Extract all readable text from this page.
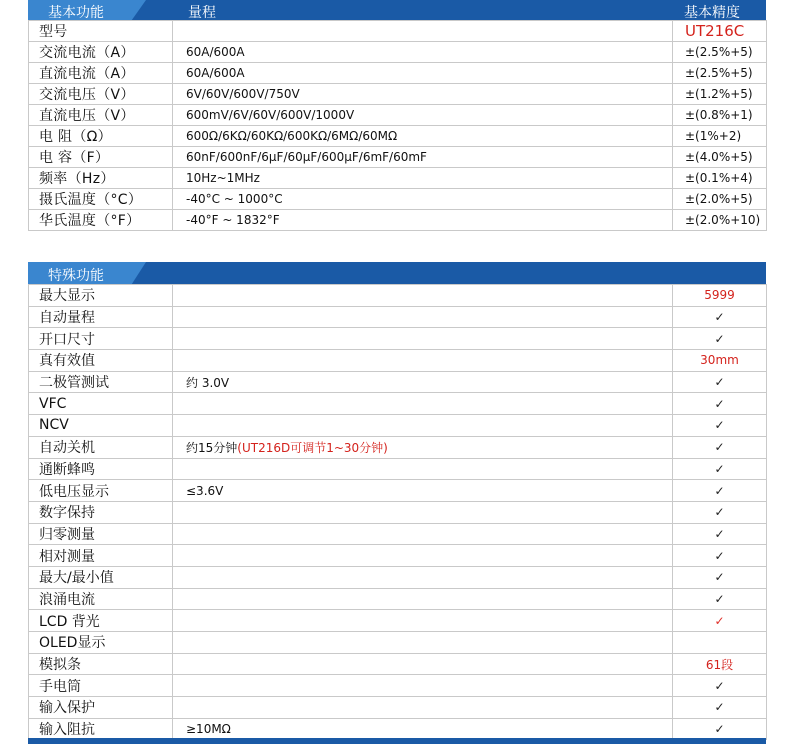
基本功能	量程	基本精度
型号		UT216C
交流电流（A）	60A/600A	±(2.5%+5)
直流电流（A）	60A/600A	±(2.5%+5)
交流电压（V）	6V/60V/600V/750V	±(1.2%+5)
直流电压（V）	600mV/6V/60V/600V/1000V	±(0.8%+1)
电 阻（Ω）	600Ω/6KΩ/60KΩ/600KΩ/6MΩ/60MΩ	±(1%+2)
电 容（F）	60nF/600nF/6μF/60μF/600μF/6mF/60mF	±(4.0%+5)
频率（Hz）	10Hz~1MHz	±(0.1%+4)
摄氏温度（°C）	-40°C ~ 1000°C	±(2.0%+5)
华氏温度（°F）	-40°F ~ 1832°F	±(2.0%+10)
特殊功能
最大显示		5999
自动量程		✓
开口尺寸		✓
真有效值		30mm
二极管测试	约 3.0V	✓
VFC		✓
NCV		✓
自动关机	约15分钟(UT216D可调节1~30分钟)	✓
通断蜂鸣		✓
低电压显示	≤3.6V	✓
数字保持		✓
归零测量		✓
相对测量		✓
最大/最小值		✓
浪涌电流		✓
LCD 背光		✓
OLED显示		
模拟条		61段
手电筒		✓
输入保护		✓
输入阻抗	≥10MΩ	✓
